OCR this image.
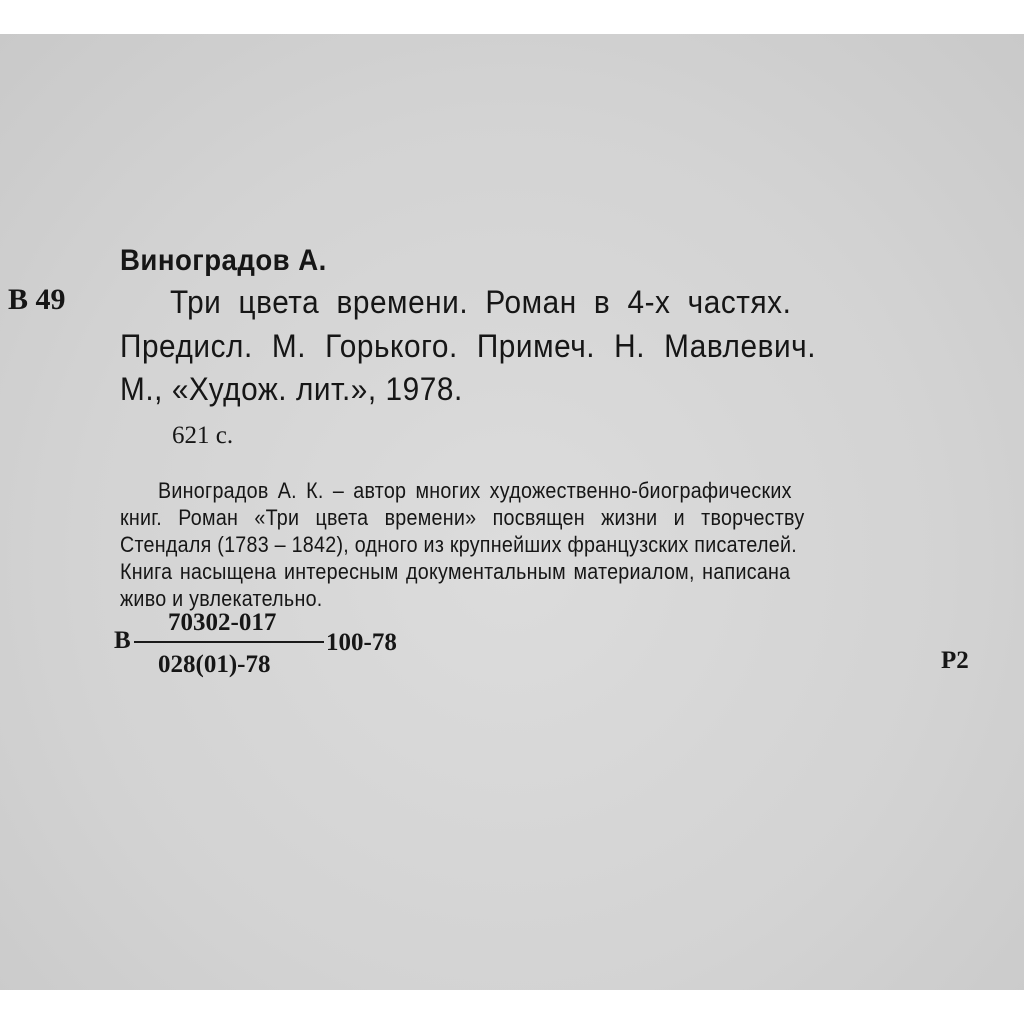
Виноградов А.
В 49	Три цвета времени. Роман в 4-х частях.
Предисл. М. Горького. Примеч. Н. Мавлевич.
М., «Худож. лит.», 1978.
621 с.
Виноградов А. К. – автор многих художественно-биографических
книг. Роман «Три цвета времени» посвящен жизни и творчеству
Стендаля (1783 – 1842), одного из крупнейших французских писателей.
Книга насыщена интересным документальным материалом, написана
живо и увлекательно.
В
70302-017
028(01)-78
100-78
Р2
